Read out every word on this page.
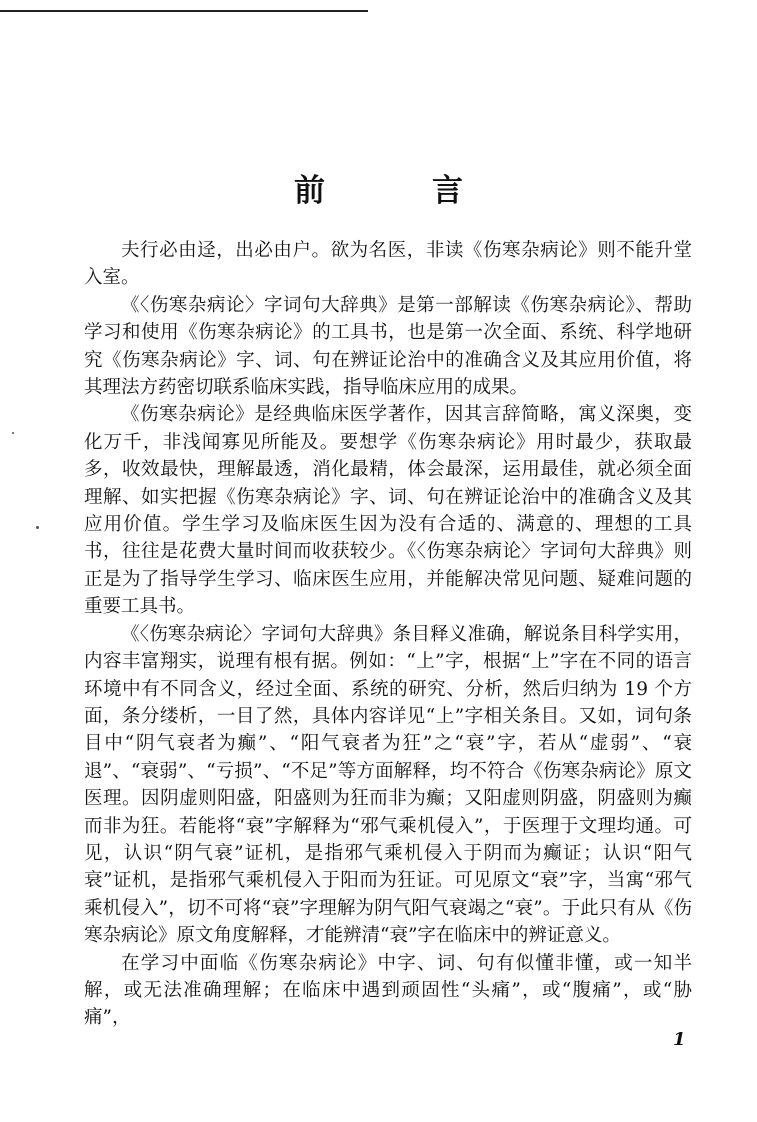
前　言

夫行必由迳，出必由户。欲为名医，非读《伤寒杂病论》则不能升堂入室。

《〈伤寒杂病论〉字词句大辞典》是第一部解读《伤寒杂病论》、帮助学习和使用《伤寒杂病论》的工具书，也是第一次全面、系统、科学地研究《伤寒杂病论》字、词、句在辨证论治中的准确含义及其应用价值，将其理法方药密切联系临床实践，指导临床应用的成果。

《伤寒杂病论》是经典临床医学著作，因其言辞简略，寓义深奥，变化万千，非浅闻寡见所能及。要想学《伤寒杂病论》用时最少，获取最多，收效最快，理解最透，消化最精，体会最深，运用最佳，就必须全面理解、如实把握《伤寒杂病论》字、词、句在辨证论治中的准确含义及其应用价值。学生学习及临床医生因为没有合适的、满意的、理想的工具书，往往是花费大量时间而收获较少。《〈伤寒杂病论〉字词句大辞典》则正是为了指导学生学习、临床医生应用，并能解决常见问题、疑难问题的重要工具书。

《〈伤寒杂病论〉字词句大辞典》条目释义准确，解说条目科学实用，内容丰富翔实，说理有根有据。例如：“上”字，根据“上”字在不同的语言环境中有不同含义，经过全面、系统的研究、分析，然后归纳为 19 个方面，条分缕析，一目了然，具体内容详见“上”字相关条目。又如，词句条目中“阴气衰者为癫”、“阳气衰者为狂”之“衰”字，若从“虚弱”、“衰退”、“衰弱”、“亏损”、“不足”等方面解释，均不符合《伤寒杂病论》原文医理。因阴虚则阳盛，阳盛则为狂而非为癫；又阳虚则阴盛，阴盛则为癫而非为狂。若能将“衰”字解释为“邪气乘机侵入”，于医理于文理均通。可见，认识“阴气衰”证机，是指邪气乘机侵入于阴而为癫证；认识“阳气衰”证机，是指邪气乘机侵入于阳而为狂证。可见原文“衰”字，当寓“邪气乘机侵入”，切不可将“衰”字理解为阴气阳气衰竭之“衰”。于此只有从《伤寒杂病论》原文角度解释，才能辨清“衰”字在临床中的辨证意义。

在学习中面临《伤寒杂病论》中字、词、句有似懂非懂，或一知半解，或无法准确理解；在临床中遇到顽固性“头痛”，或“腹痛”，或“胁痛”，

1
